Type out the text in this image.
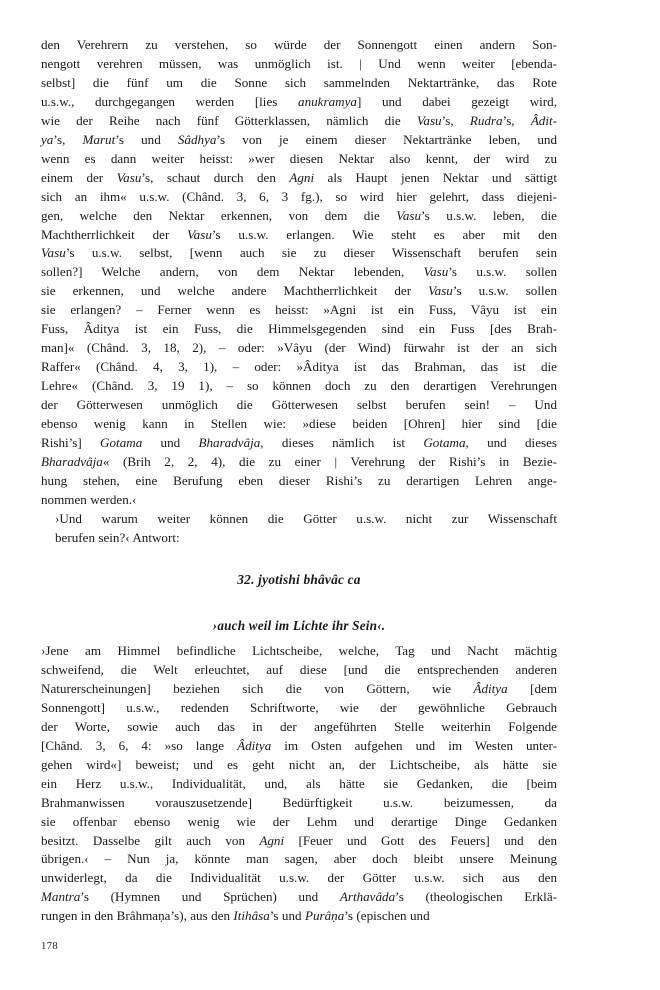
den Verehrern zu verstehen, so würde der Sonnengott einen andern Son-
nengott verehren müssen, was unmöglich ist. | Und wenn weiter [ebenda-
selbst] die fünf um die Sonne sich sammelnden Nektartränke, das Rote
u.s.w., durchgegangen werden [lies anukramya] und dabei gezeigt wird,
wie der Reihe nach fünf Götterklassen, nämlich die Vasu’s, Rudra’s, Âdit-
ya’s, Marut’s und Sâdhya’s von je einem dieser Nektartränke leben, und
wenn es dann weiter heisst: »wer diesen Nektar also kennt, der wird zu
einem der Vasu’s, schaut durch den Agni als Haupt jenen Nektar und sättigt
sich an ihm« u.s.w. (Chând. 3, 6, 3 fg.), so wird hier gelehrt, dass diejeni-
gen, welche den Nektar erkennen, von dem die Vasu’s u.s.w. leben, die
Machtherrlichkeit der Vasu’s u.s.w. erlangen. Wie steht es aber mit den
Vasu’s u.s.w. selbst, [wenn auch sie zu dieser Wissenschaft berufen sein
sollen?] Welche andern, von dem Nektar lebenden, Vasu’s u.s.w. sollen
sie erkennen, und welche andere Machtherrlichkeit der Vasu’s u.s.w. sollen
sie erlangen? – Ferner wenn es heisst: »Agni ist ein Fuss, Vâyu ist ein
Fuss, Âditya ist ein Fuss, die Himmelsgegenden sind ein Fuss [des Brah-
man]« (Chând. 3, 18, 2), – oder: »Vâyu (der Wind) fürwahr ist der an sich
Raffer« (Chând. 4, 3, 1), – oder: »Âditya ist das Brahman, das ist die
Lehre« (Chând. 3, 19 1), – so können doch zu den derartigen Verehrungen
der Götterwesen unmöglich die Götterwesen selbst berufen sein! – Und
ebenso wenig kann in Stellen wie: »diese beiden [Ohren] hier sind [die
Rishi’s] Gotama und Bharadvâja, dieses nämlich ist Gotama, und dieses
Bharadvâja« (Brih 2, 2, 4), die zu einer | Verehrung der Rishi’s in Bezie-
hung stehen, eine Berufung eben dieser Rishi’s zu derartigen Lehren ange-
nommen werden.‹

›Und warum weiter können die Götter u.s.w. nicht zur Wissenschaft
berufen sein?‹ Antwort:

32. jyotishi bhâvâc ca
›auch weil im Lichte ihr Sein‹.

›Jene am Himmel befindliche Lichtscheibe, welche, Tag und Nacht mächtig
schweifend, die Welt erleuchtet, auf diese [und die entsprechenden anderen
Naturerscheinungen] beziehen sich die von Göttern, wie Âditya [dem
Sonnengott] u.s.w., redenden Schriftworte, wie der gewöhnliche Gebrauch
der Worte, sowie auch das in der angeführten Stelle weiterhin Folgende
[Chând. 3, 6, 4: »so lange Âditya im Osten aufgehen und im Westen unter-
gehen wird«] beweist; und es geht nicht an, der Lichtscheibe, als hätte sie
ein Herz u.s.w., Individualität, und, als hätte sie Gedanken, die [beim
Brahmanwissen vorauszusetzende] Bedürftigkeit u.s.w. beizumessen, da
sie offenbar ebenso wenig wie der Lehm und derartige Dinge Gedanken
besitzt. Dasselbe gilt auch von Agni [Feuer und Gott des Feuers] und den
übrigen.‹ – Nun ja, könnte man sagen, aber doch bleibt unsere Meinung
unwiderlegt, da die Individualität u.s.w. der Götter u.s.w. sich aus den
Mantra’s (Hymnen und Sprüchen) und Arthavâda’s (theologischen Erklä-
rungen in den Brâhmaṇa’s), aus den Itihâsa’s und Purâṇa’s (epischen und

178
